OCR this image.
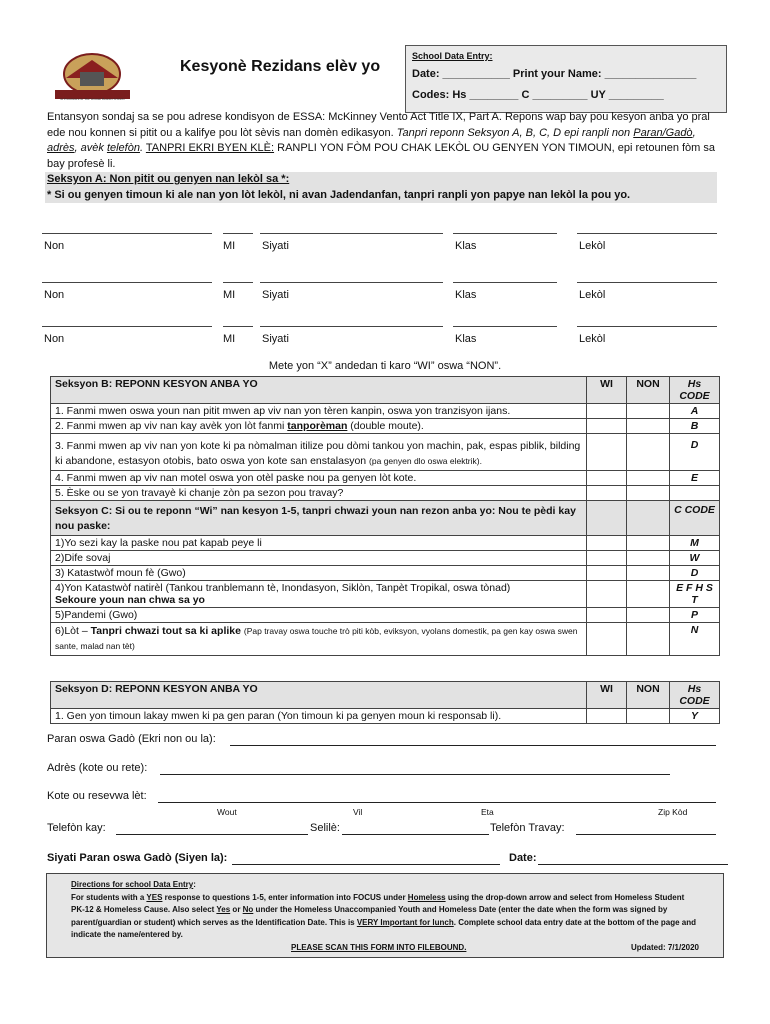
In Excellence In The Women Bearers Schools
Kesyonè Rezidans elèv yo
School Data Entry:
Date: ___________ Print your Name: _______________
Codes: Hs ________ C _________ UY _________
Entansyon sondaj sa se pou adrese kondisyon de ESSA: McKinney Vento Act Title IX, Part A. Repons wap bay pou kesyon anba yo pral ede nou konnen si pitit ou a kalifye pou lòt sèvis nan domèn edikasyon. Tanpri reponn Seksyon A, B, C, D epi ranpli non Paran/Gadò, adrès, avèk telefòn. TANPRI EKRI BYEN KLÈ: RANPLI YON FÒM POU CHAK LEKÒL OU GENYEN YON TIMOUN, epi retounen fòm sa bay profesè li.
Seksyon A: Non pitit ou genyen nan lekòl sa *:
* Si ou genyen timoun ki ale nan yon lòt lekòl, ni avan Jadendanfan, tanpri ranpli yon papye nan lekòl la pou yo.
Non	MI Siyati	Klas	Lekòl
Non	MI Siyati	Klas	Lekòl
Non	MI Siyati	Klas	Lekòl
Mete yon “X” andedan ti karo “WI” oswa “NON”.
Seksyon B: REPONN KESYON ANBA YO	WI	NON	Hs CODE
1. Fanmi mwen oswa youn nan pitit mwen ap viv nan yon tèren kanpin, oswa yon tranzisyon ijans.			A
2. Fanmi mwen ap viv nan kay avèk yon lòt fanmi tanporèman (double moute).			B
3. Fanmi mwen ap viv nan yon kote ki pa nòmalman itilize pou dòmi tankou yon machin, pak, espas piblik, bilding ki abandone, estasyon otobis, bato oswa yon kote san enstalasyon (pa genyen dlo oswa elektrik).			D
4. Fanmi mwen ap viv nan motel oswa yon otèl paske nou pa genyen lòt kote.			E
5. Èske ou se yon travayè ki chanje zòn pa sezon pou travay?			
Seksyon C: Si ou te reponn “Wi” nan kesyon 1-5, tanpri chwazi youn nan rezon anba yo: Nou te pèdi kay nou paske:			C CODE
1)Yo sezi kay la paske nou pat kapab peye li			M
2)Dife sovaj			W
3) Katastwòf moun fè (Gwo)			D
4)Yon Katastwòf natirèl (Tankou tranblemann tè, Inondasyon, Siklòn, Tanpèt Tropikal, oswa tònad)
Sekoure youn nan chwa sa yo			E F H S T
5)Pandemi (Gwo)			P
6)Lòt – Tanpri chwazi tout sa ki aplike (Pap travay oswa touche trò piti kòb, eviksyon, vyolans domestik, pa gen kay oswa swen sante, malad nan tèt)			N
Seksyon D: REPONN KESYON ANBA YO	WI	NON	Hs CODE
1. Gen yon timoun lakay mwen ki pa gen paran (Yon timoun ki pa genyen moun ki responsab li).			Y
Paran oswa Gadò (Ekri non ou la):
Adrès (kote ou rete):
Kote ou resevwa lèt:
Wout	Vil	Eta	Zip Kòd
Telefòn kay:	Selilè:	Telefòn Travay:
Siyati Paran oswa Gadò (Siyen la):	Date:
Directions for school Data Entry:
For students with a YES response to questions 1-5, enter information into FOCUS under Homeless using the drop-down arrow and select from Homeless Student PK-12 & Homeless Cause. Also select Yes or No under the Homeless Unaccompanied Youth and Homeless Date (enter the date when the form was signed by parent/guardian or student) which serves as the Identification Date. This is VERY Important for lunch. Complete school data entry date at the bottom of the page and indicate the name/entered by.
PLEASE SCAN THIS FORM INTO FILEBOUND.	Updated: 7/1/2020
